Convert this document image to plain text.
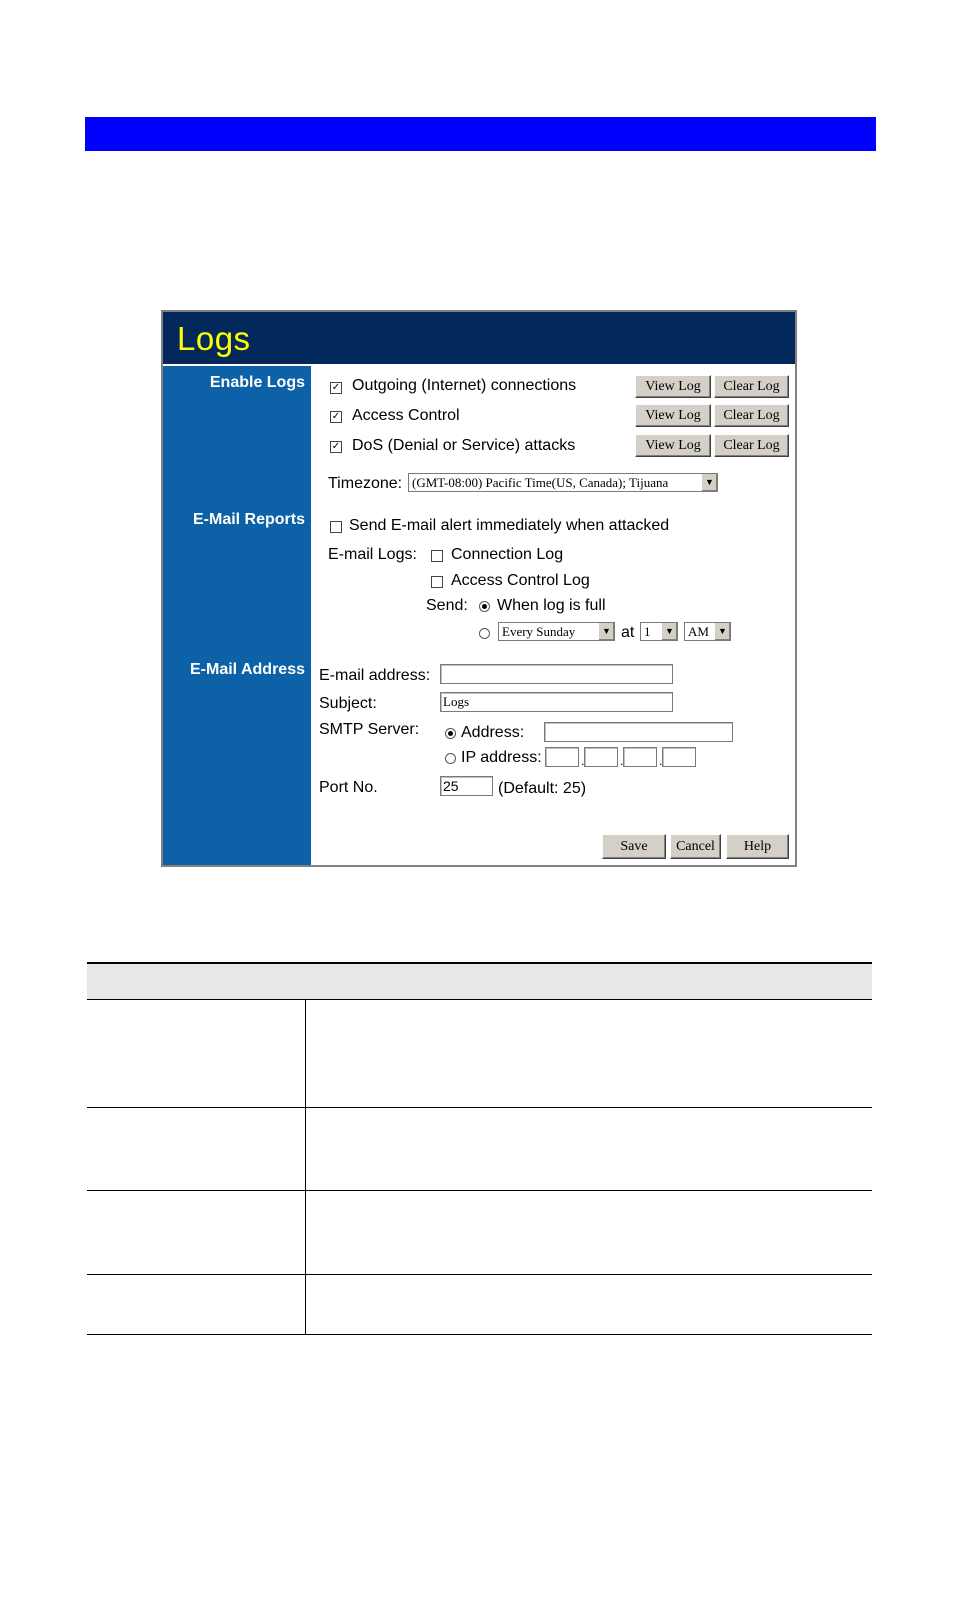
Logs
Enable Logs
E-Mail Reports
E-Mail Address
✓ Outgoing (Internet) connections	View Log	Clear Log
✓ Access Control	View Log	Clear Log
✓ DoS (Denial or Service) attacks	View Log	Clear Log
Timezone: (GMT-08:00) Pacific Time(US, Canada); Tijuana	▼
Send E-mail alert immediately when attacked
E-mail Logs: Connection Log
Access Control Log
Send: When log is full
Every Sunday	▼ at 1	▼	AM	▼
E-mail address:
Subject:	Logs
SMTP Server:	Address:
IP address:	.	.	.
Port No.	25	(Default: 25)
Save	Cancel	Help
